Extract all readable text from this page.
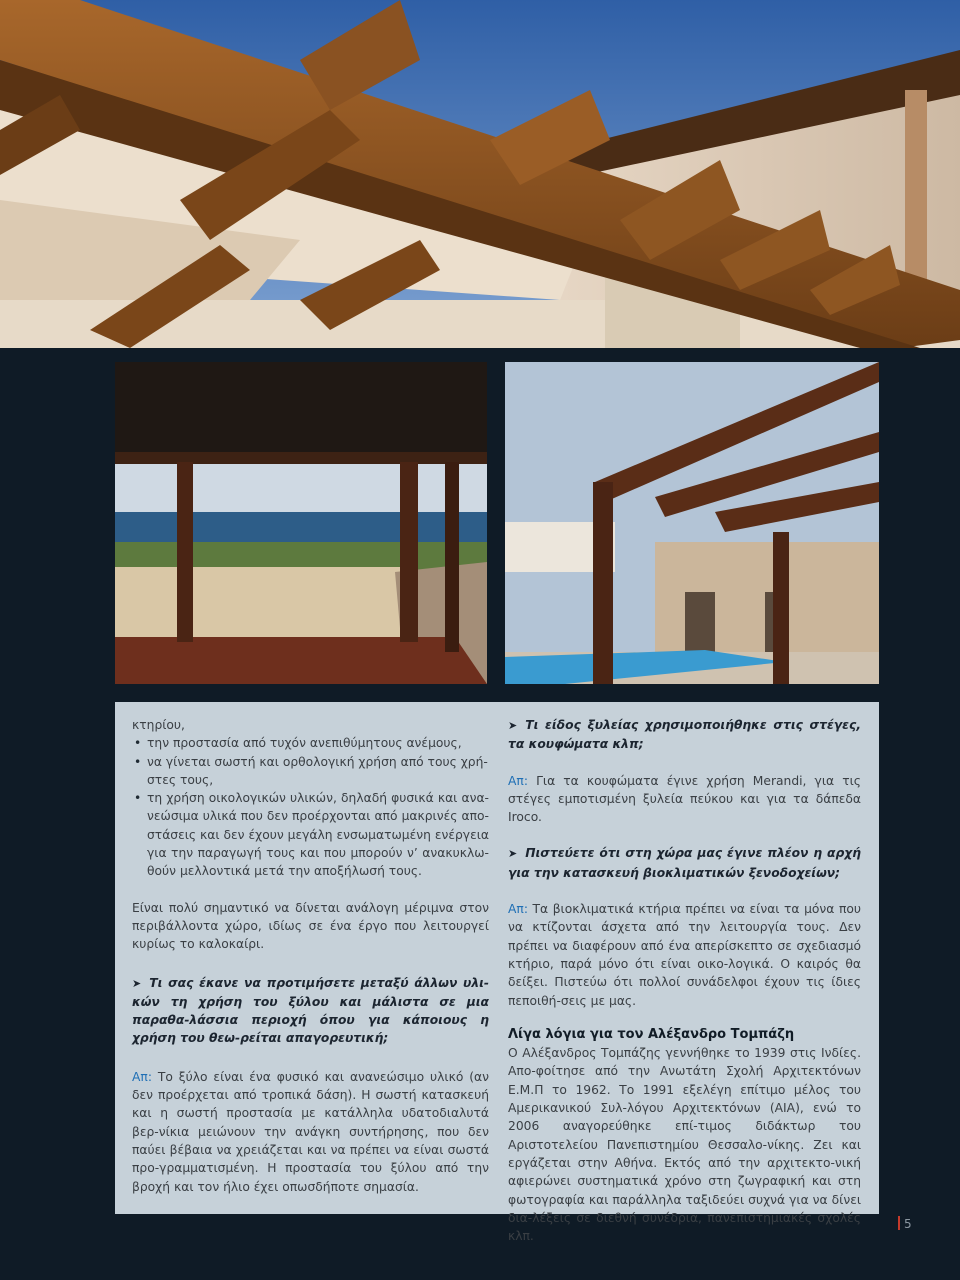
κτηρίου,
• την προστασία από τυχόν ανεπιθύμητους ανέμους,
• να γίνεται σωστή και ορθολογική χρήση από τους χρή-στες τους,
• τη χρήση οικολογικών υλικών, δηλαδή φυσικά και ανα-νεώσιμα υλικά που δεν προέρχονται από μακρινές απο-στάσεις και δεν έχουν μεγάλη ενσωματωμένη ενέργεια για την παραγωγή τους και που μπορούν ν’ ανακυκλω-θούν μελλοντικά μετά την αποξήλωσή τους.

Είναι πολύ σημαντικό να δίνεται ανάλογη μέριμνα στον περιβάλλοντα χώρο, ιδίως σε ένα έργο που λειτουργεί κυρίως το καλοκαίρι.

➤ Τι σας έκανε να προτιμήσετε μεταξύ άλλων υλι-κών τη χρήση του ξύλου και μάλιστα σε μια παραθα-λάσσια περιοχή όπου για κάποιους η χρήση του θεω-ρείται απαγορευτική;

Απ: Το ξύλο είναι ένα φυσικό και ανανεώσιμο υλικό (αν δεν προέρχεται από τροπικά δάση). Η σωστή κατασκευή και η σωστή προστασία με κατάλληλα υδατοδιαλυτά βερ-νίκια μειώνουν την ανάγκη συντήρησης, που δεν παύει βέβαια να χρειάζεται και να πρέπει να είναι σωστά προ-γραμματισμένη. Η προστασία του ξύλου από την βροχή και τον ήλιο έχει οπωσδήποτε σημασία.

➤ Τι είδος ξυλείας χρησιμοποιήθηκε στις στέγες, τα κουφώματα κλπ;

Απ: Για τα κουφώματα έγινε χρήση Merandi, για τις στέγες εμποτισμένη ξυλεία πεύκου και για τα δάπεδα Iroco.

➤ Πιστεύετε ότι στη χώρα μας έγινε πλέον η αρχή για την κατασκευή βιοκλιματικών ξενοδοχείων;

Απ: Τα βιοκλιματικά κτήρια πρέπει να είναι τα μόνα που να κτίζονται άσχετα από την λειτουργία τους. Δεν πρέπει να διαφέρουν από ένα απερίσκεπτο σε σχεδιασμό κτήριο, παρά μόνο ότι είναι οικο-λογικά. Ο καιρός θα δείξει. Πιστεύω ότι πολλοί συνάδελφοι έχουν τις ίδιες πεποιθή-σεις με μας.

Λίγα λόγια για τον Αλέξανδρο Τομπάζη

Ο Αλέξανδρος Τομπάζης γεννήθηκε το 1939 στις Ινδίες. Απο-φοίτησε από την Ανωτάτη Σχολή Αρχιτεκτόνων Ε.Μ.Π το 1962. Το 1991 εξελέγη επίτιμο μέλος του Αμερικανικού Συλ-λόγου Αρχιτεκτόνων (ΑΙΑ), ενώ το 2006 αναγορεύθηκε επί-τιμος διδάκτωρ του Αριστοτελείου Πανεπιστημίου Θεσσαλο-νίκης. Ζει και εργάζεται στην Αθήνα. Εκτός από την αρχιτεκτο-νική αφιερώνει συστηματικά χρόνο στη ζωγραφική και στη φωτογραφία και παράλληλα ταξιδεύει συχνά για να δίνει δια-λέξεις σε διεθνή συνέδρια, πανεπιστημιακές σχολές κλπ.

5
